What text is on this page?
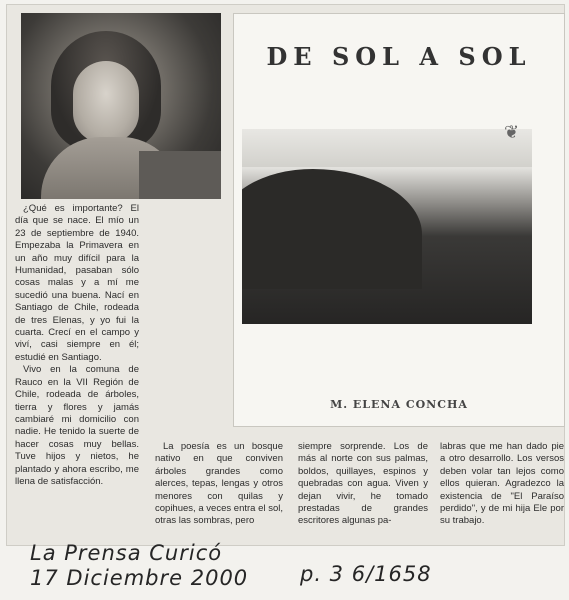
DE SOL A SOL
❦
M. ELENA CONCHA

¿Qué es importante? El día que se nace. El mío un 23 de septiembre de 1940. Empezaba la Primavera en un año muy difícil para la Humanidad, pasaban sólo cosas malas y a mí me sucedió una buena. Nací en Santiago de Chile, rodeada de tres Elenas, y yo fui la cuarta. Crecí en el campo y viví, casi siempre en él; estudié en Santiago.

Vivo en la comuna de Rauco en la VII Región de Chile, rodeada de árboles, tierra y flores y jamás cambiaré mi domicilio con nadie. He tenido la suerte de hacer cosas muy bellas. Tuve hijos y nietos, he plantado y ahora escribo, me llena de satisfacción.

La poesía es un bosque nativo en que conviven árboles grandes como alerces, tepas, lengas y otros menores con quilas y copihues, a veces entra el sol, otras las sombras, pero

siempre sorprende. Los de más al norte con sus palmas, boldos, quillayes, espinos y quebradas con agua. Viven y dejan vivir, he tomado prestadas de grandes escritores algunas pa-

labras que me han dado pie a otro desarrollo. Los versos deben volar tan lejos como ellos quieran. Agradezco la existencia de "El Paraíso perdido", y de mi hija Ele por su trabajo.

La Prensa Curicó
17 Diciembre 2000 p. 3 6/1658
